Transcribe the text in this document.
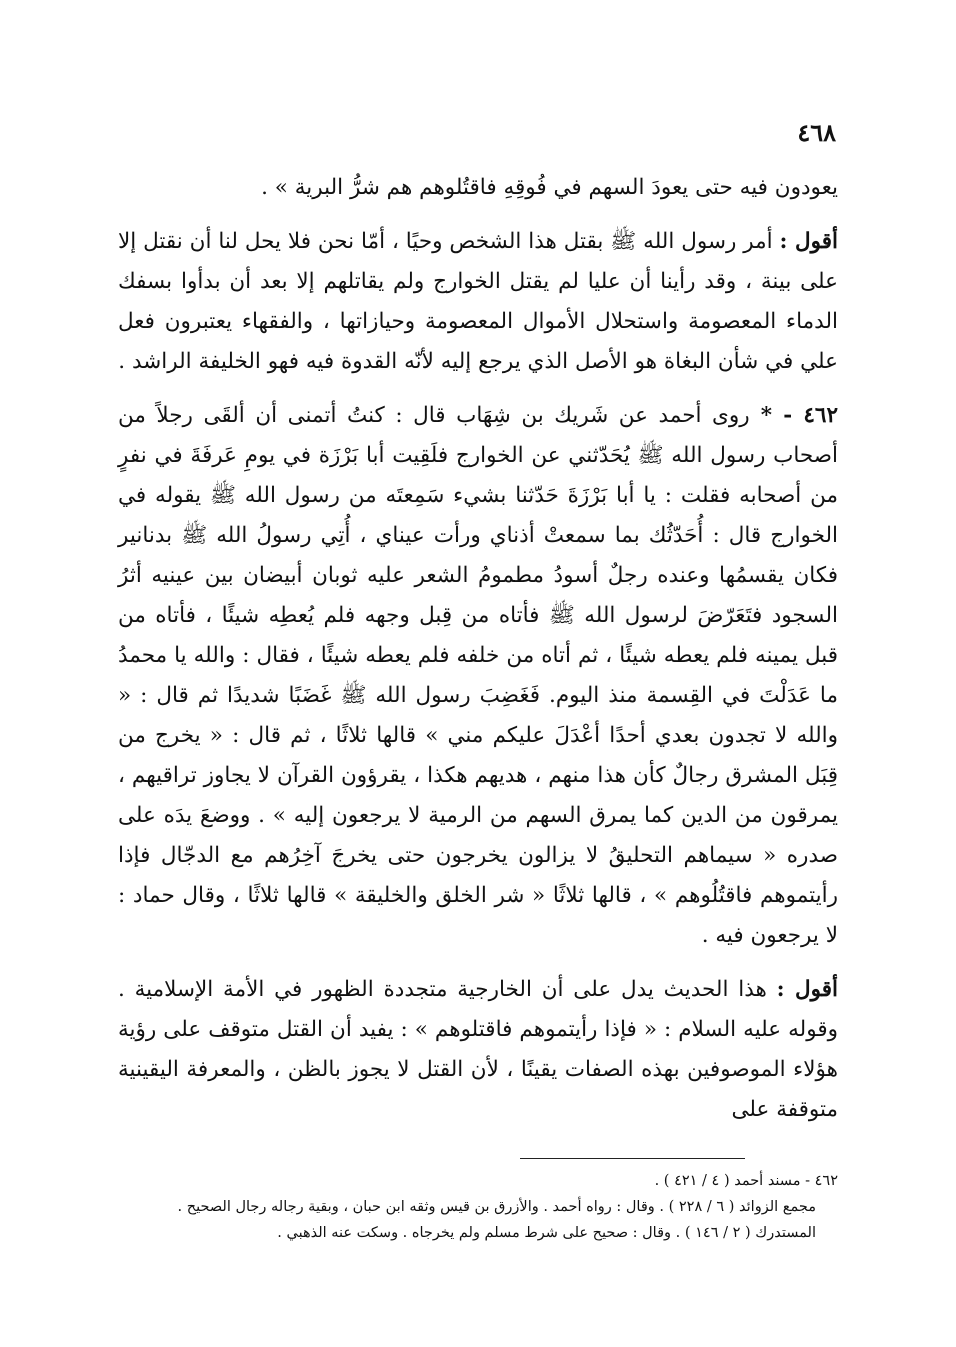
٤٦٨

يعودون فيه حتى يعودَ السهم في فُوقِهِ فاقتُلوهم هم شرُّ البرية » .

أقول : أمر رسول الله ﷺ بقتل هذا الشخص وحيًا ، أمّا نحن فلا يحل لنا أن نقتل إلا على بينة ، وقد رأينا أن عليا لم يقتل الخوارج ولم يقاتلهم إلا بعد أن بدأوا بسفك الدماء المعصومة واستحلال الأموال المعصومة وحيازاتها ، والفقهاء يعتبرون فعل علي في شأن البغاة هو الأصل الذي يرجع إليه لأنّه القدوة فيه فهو الخليفة الراشد .

٤٦٢ - * روى أحمد عن شَريك بن شِهَاب قال : كنتُ أتمنى أن ألقَى رجلاً من أصحاب رسول الله ﷺ يُحَدّثني عن الخوارج فلَقِيت أبا بَرْزَة في يومِ عَرفَةَ في نفرٍ من أصحابه فقلت : يا أبا بَرْزَةَ حَدّثنا بشيء سَمِعتَه من رسول الله ﷺ يقوله في الخوارج قال : أُحَدّثُك بما سمعتْ أذناي ورأت عيناي ، أُتِي رسولُ الله ﷺ بدنانير فكان يقسمُها وعنده رجلٌ أسودُ مطمومُ الشعر عليه ثوبان أبيضان بين عينيه أثرُ السجود فتَعَرّضَ لرسول الله ﷺ فأتاه من قِبل وجهه فلم يُعطِه شيئًا ، فأتاه من قبل يمينه فلم يعطه شيئًا ، ثم أتاه من خلفه فلم يعطه شيئًا ، فقال : والله يا محمدُ ما عَدَلْتَ في القِسمة منذ اليوم. فَغَضِبَ رسول الله ﷺ غَضَبًا شديدًا ثم قال : « والله لا تجدون بعدي أحدًا أعْدَلَ عليكم مني » قالها ثلاثًا ، ثم قال : « يخرج من قِبَل المشرق رجالٌ كأن هذا منهم ، هديهم هكذا ، يقرؤون القرآن لا يجاوز تراقيهم ، يمرقون من الدين كما يمرق السهم من الرمية لا يرجعون إليه » . ووضعَ يدَه على صدره « سيماهم التحليقُ لا يزالون يخرجون حتى يخرجَ آخِرُهم مع الدجّال فإذا رأيتموهم فاقتُلُوهم » ، قالها ثلاثًا « شر الخلق والخليقة » قالها ثلاثًا ، وقال حماد : لا يرجعون فيه .

أقول : هذا الحديث يدل على أن الخارجية متجددة الظهور في الأمة الإسلامية . وقوله عليه السلام : « فإذا رأيتموهم فاقتلوهم » : يفيد أن القتل متوقف على رؤية هؤلاء الموصوفين بهذه الصفات يقينًا ، لأن القتل لا يجوز بالظن ، والمعرفة اليقينية متوقفة على

٤٦٢ - مسند أحمد ( ٤ / ٤٢١ ) .

مجمع الزوائد ( ٦ / ٢٢٨ ) . وقال : رواه أحمد . والأزرق بن قيس وثقه ابن حبان ، وبقية رجاله رجال الصحيح .

المستدرك ( ٢ / ١٤٦ ) . وقال : صحيح على شرط مسلم ولم يخرجاه . وسكت عنه الذهبي .
